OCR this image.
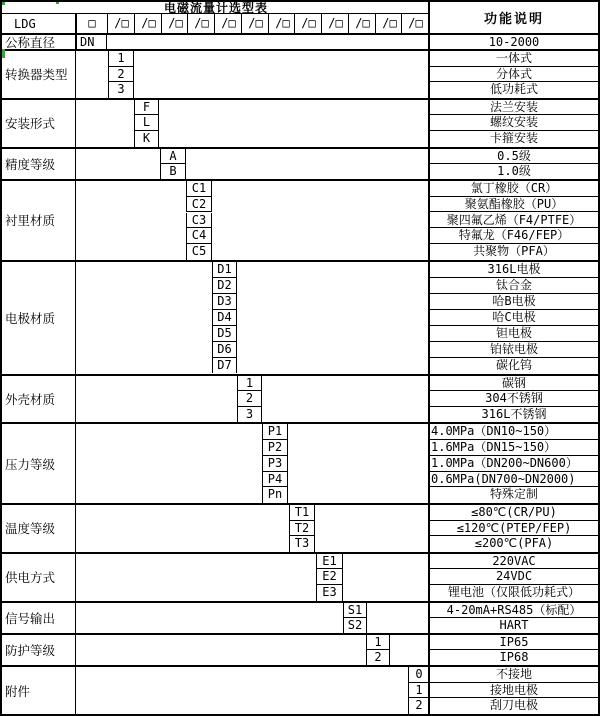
电磁流量计选型表
功能说明
LDG	□	/□	/□	/□ /□	/□	/□	/□ /□	/□	/□	/□ /□
公称直径	DN	10-2000
转换器类型
1	一体式
2	分体式
3	低功耗式
安装形式
F	法兰安装
L	螺纹安装
K	卡箍安装
精度等级
A	0.5级
B	1.0级
衬里材质
C1	氯丁橡胶（CR）
C2	聚氨酯橡胶（PU）
C3	聚四氟乙烯（F4/PTFE）
C4	特氟龙（F46/FEP）
C5	共聚物（PFA）
电极材质
D1	316L电极
D2	钛合金
D3	哈B电极
D4	哈C电极
D5	钽电极
D6	铂铱电极
D7	碳化钨
外壳材质
1	碳钢
2	304不锈钢
3	316L不锈钢
压力等级
P1	4.0MPa（DN10~150）
P2	1.6MPa（DN15~150）
P3	1.0MPa（DN200~DN600）
P4	0.6MPa(DN700~DN2000)
Pn	特殊定制
温度等级
T1	≤80℃(CR/PU)
T2	≤120℃(PTEP/FEP)
T3	≤200℃(PFA)
供电方式
E1	220VAC
E2	24VDC
E3	锂电池（仅限低功耗式）
信号输出
S1	4-20mA+RS485（标配）
S2	HART
防护等级
1	IP65
2	IP68
附件
0	不接地
1	接地电极
2	刮刀电极
